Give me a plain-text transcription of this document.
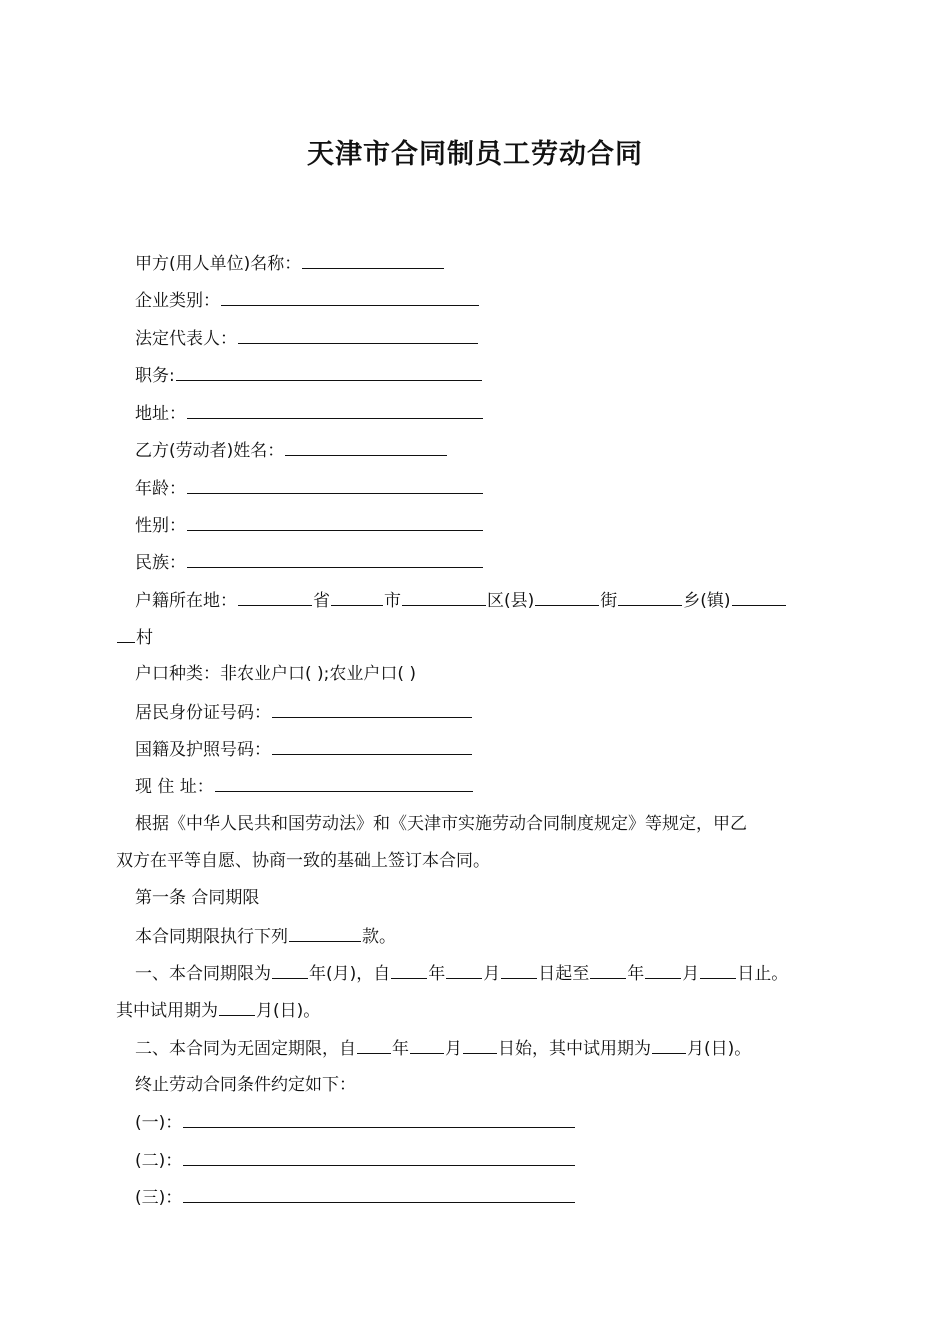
天津市合同制员工劳动合同
甲方(用人单位)名称：
企业类别：
法定代表人：
职务:
地址：
乙方(劳动者)姓名：
年龄：
性别：
民族：
户籍所在地：	省	市	区(县)	街	乡(镇)
村
户口种类：非农业户口( );农业户口( )
居民身份证号码：
国籍及护照号码：
现 住 址：
根据《中华人民共和国劳动法》和《天津市实施劳动合同制度规定》等规定，甲乙
双方在平等自愿、协商一致的基础上签订本合同。
第一条 合同期限
本合同期限执行下列	款。
一、本合同期限为 年(月)，自 年 月 日起至 年 月 日止。
其中试用期为 月(日)。
二、本合同为无固定期限，自 年 月 日始，其中试用期为 月(日)。
终止劳动合同条件约定如下：
(一)：
(二)：
(三)：
